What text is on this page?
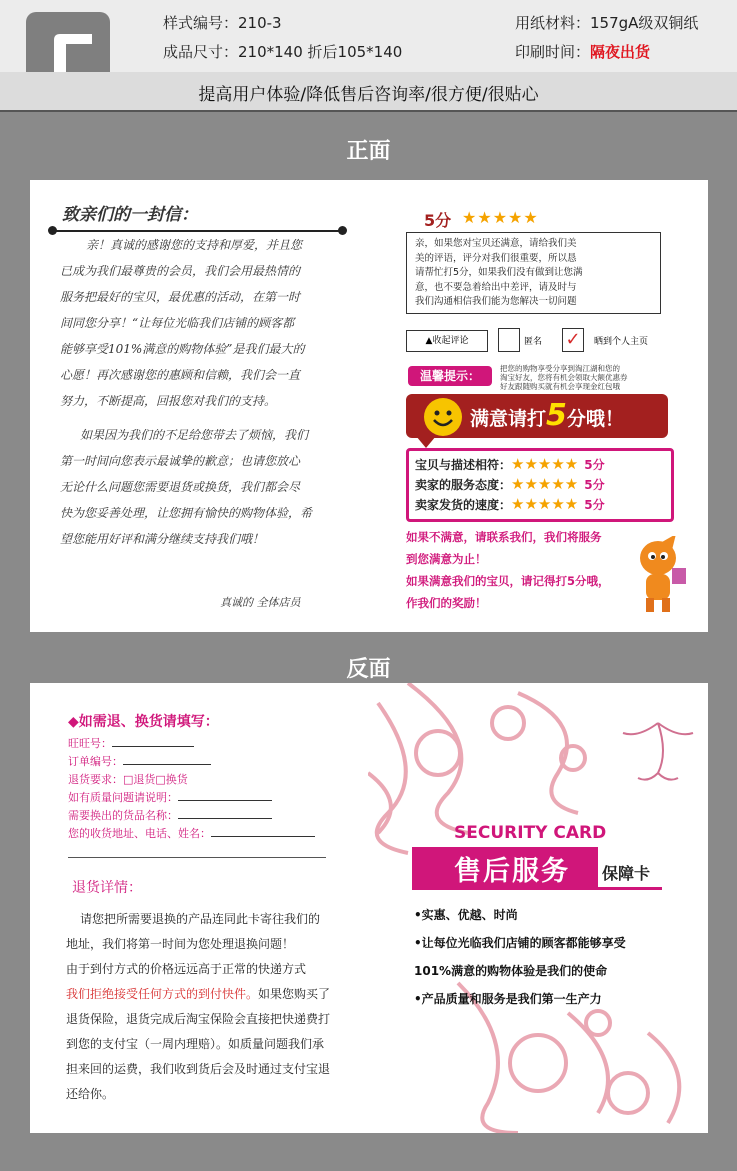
样式编号：210-3
成品尺寸：210*140 折后105*140
用纸材料：157gA级双铜纸
印刷时间：隔夜出货
提高用户体验/降低售后咨询率/很方便/很贴心
正面
反面
致亲们的一封信：
亲！真诚的感谢您的支持和厚爱，并且您
已成为我们最尊贵的会员，我们会用最热情的
服务把最好的宝贝，最优惠的活动，在第一时
间同您分享！“让每位光临我们店铺的顾客都
能够享受101%满意的购物体验”是我们最大的
心愿！再次感谢您的惠顾和信赖，我们会一直
努力，不断提高，回报您对我们的支持。
如果因为我们的不足给您带去了烦恼，我们
第一时间向您表示最诚挚的歉意；也请您放心
无论什么问题您需要退货或换货，我们都会尽
快为您妥善处理，让您拥有愉快的购物体验，希
望您能用好评和满分继续支持我们哦！
真诚的 全体店员
5分 ★★★★★
亲，如果您对宝贝还满意，请给我们美
美的评语，评分对我们很重要，所以恳
请帮忙打5分，如果我们没有做到让您满
意，也不要急着给出中差评，请及时与
我们沟通相信我们能为您解决一切问题
▲收起评论	匿名 ✓	晒到个人主页
温馨提示：
把您的购物享受分享到淘江湖和您的
淘宝好友，您将有机会领取大额优惠券
好友跟随购买就有机会享现金红包哦
满意请打5分哦！
宝贝与描述相符：★★★★★ 5分
卖家的服务态度：★★★★★ 5分
卖家发货的速度：★★★★★ 5分
如果不满意，请联系我们，我们将服务
到您满意为止！
如果满意我们的宝贝，请记得打5分哦，
作我们的奖励！
◆如需退、换货请填写：
旺旺号：
订单编号：
退货要求：□退货□换货
如有质量问题请说明：
需要换出的货品名称：
您的收货地址、电话、姓名：
退货详情：
请您把所需要退换的产品连同此卡寄往我们的
地址，我们将第一时间为您处理退换问题！
由于到付方式的价格远远高于正常的快递方式
我们拒绝接受任何方式的到付快件。如果您购买了
退货保险，退货完成后淘宝保险会直接把快递费打
到您的支付宝（一周内理赔）。如质量问题我们承
担来回的运费，我们收到货后会及时通过支付宝退
还给你。
SECURITY CARD
售后服务 保障卡
•实惠、优越、时尚
•让每位光临我们店铺的顾客都能够享受
101%满意的购物体验是我们的使命
•产品质量和服务是我们第一生产力
